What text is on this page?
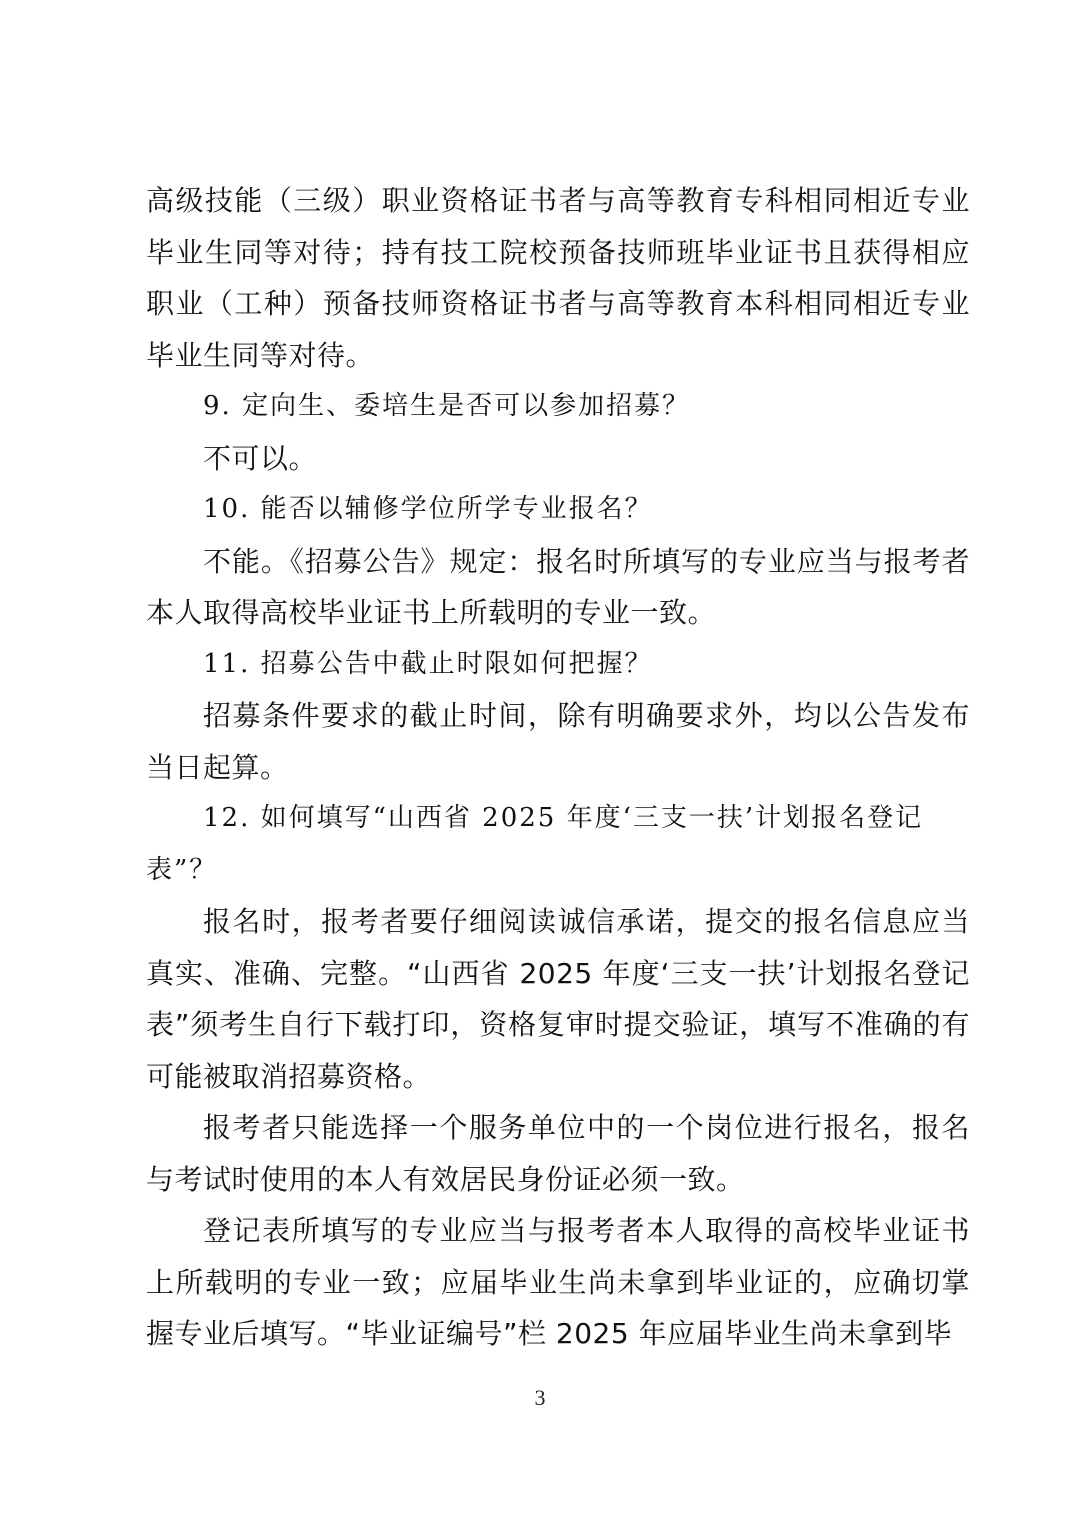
高级技能（三级）职业资格证书者与高等教育专科相同相近专业毕业生同等对待；持有技工院校预备技师班毕业证书且获得相应职业（工种）预备技师资格证书者与高等教育本科相同相近专业毕业生同等对待。

9. 定向生、委培生是否可以参加招募？

不可以。

10. 能否以辅修学位所学专业报名？

不能。《招募公告》规定：报名时所填写的专业应当与报考者本人取得高校毕业证书上所载明的专业一致。

11. 招募公告中截止时限如何把握？

招募条件要求的截止时间，除有明确要求外，均以公告发布当日起算。

12. 如何填写“山西省 2025 年度‘三支一扶’计划报名登记表”？

报名时，报考者要仔细阅读诚信承诺，提交的报名信息应当真实、准确、完整。“山西省 2025 年度‘三支一扶’计划报名登记表”须考生自行下载打印，资格复审时提交验证，填写不准确的有可能被取消招募资格。

报考者只能选择一个服务单位中的一个岗位进行报名，报名与考试时使用的本人有效居民身份证必须一致。

登记表所填写的专业应当与报考者本人取得的高校毕业证书上所载明的专业一致；应届毕业生尚未拿到毕业证的，应确切掌握专业后填写。“毕业证编号”栏 2025 年应届毕业生尚未拿到毕

3
